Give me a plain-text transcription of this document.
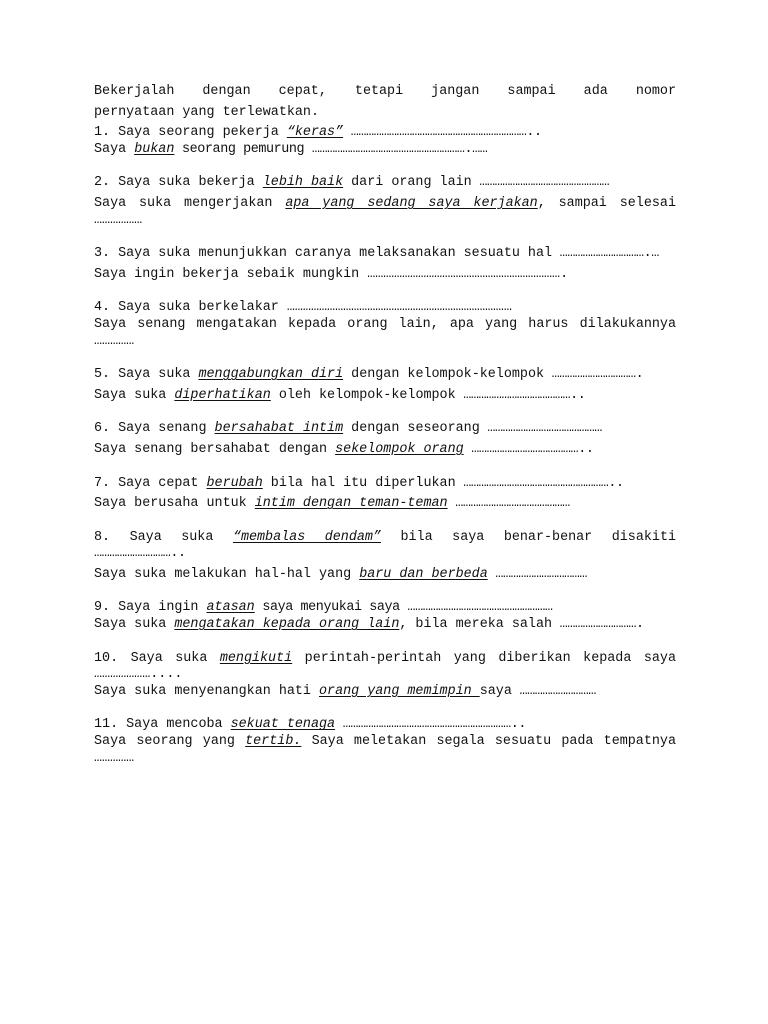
Bekerjalah dengan cepat, tetapi jangan sampai ada nomor
pernyataan yang terlewatkan.
1. Saya seorang pekerja “keras” ……………………………………………………………..
Saya bukan seorang pemurung …………………………………………………….……
2. Saya suka bekerja lebih baik dari orang lain ……………………………………………
Saya suka mengerjakan apa yang sedang saya kerjakan, sampai selesai ………………
3. Saya suka menunjukkan caranya melaksanakan sesuatu hal …………………………….…
Saya ingin bekerja sebaik mungkin ……………………………………………………………….
4. Saya suka berkelakar …………………………………………………………………………
Saya senang mengatakan kepada orang lain, apa yang harus dilakukannya ……………
5. Saya suka menggabungkan diri dengan kelompok-kelompok …………………………….
Saya suka diperhatikan oleh kelompok-kelompok ……………………………………..
6. Saya senang bersahabat intim dengan seseorang ………………………………………
Saya senang bersahabat dengan sekelompok orang ……………………………………..
7. Saya cepat berubah bila hal itu diperlukan …………………………………………………..
Saya berusaha untuk intim dengan teman-teman ………………………………………
8. Saya suka “membalas dendam” bila saya benar-benar disakiti …………………………..
Saya suka melakukan hal-hal yang baru dan berbeda ………………………………
9. Saya ingin atasan saya menyukai saya …………………………………………………
Saya suka mengatakan kepada orang lain, bila mereka salah ………………………….
10. Saya suka mengikuti perintah-perintah yang diberikan kepada saya …………………....
Saya suka menyenangkan hati orang yang memimpin saya …………………………
11. Saya mencoba sekuat tenaga …………………………………………………………..
Saya seorang yang tertib. Saya meletakan segala sesuatu pada tempatnya ……………
